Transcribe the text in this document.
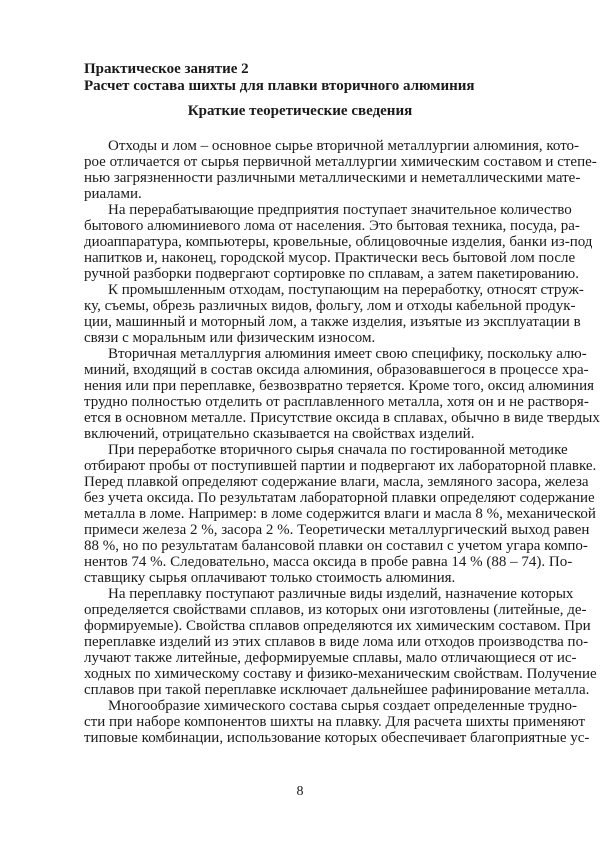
Практическое занятие 2
Расчет состава шихты для плавки вторичного алюминия
Краткие теоретические сведения
Отходы и лом – основное сырье вторичной металлургии алюминия, кото-
рое отличается от сырья первичной металлургии химическим составом и степе-
нью загрязненности различными металлическими и неметаллическими мате-
риалами.
На перерабатывающие предприятия поступает значительное количество
бытового алюминиевого лома от населения. Это бытовая техника, посуда, ра-
диоаппаратура, компьютеры, кровельные, облицовочные изделия, банки из-под
напитков и, наконец, городской мусор. Практически весь бытовой лом после
ручной разборки подвергают сортировке по сплавам, а затем пакетированию.
К промышленным отходам, поступающим на переработку, относят струж-
ку, съемы, обрезь различных видов, фольгу, лом и отходы кабельной продук-
ции, машинный и моторный лом, а также изделия, изъятые из эксплуатации в
связи с моральным или физическим износом.
Вторичная металлургия алюминия имеет свою специфику, поскольку алю-
миний, входящий в состав оксида алюминия, образовавшегося в процессе хра-
нения или при переплавке, безвозвратно теряется. Кроме того, оксид алюминия
трудно полностью отделить от расплавленного металла, хотя он и не растворя-
ется в основном металле. Присутствие оксида в сплавах, обычно в виде твердых
включений, отрицательно сказывается на свойствах изделий.
При переработке вторичного сырья сначала по гостированной методике
отбирают пробы от поступившей партии и подвергают их лабораторной плавке.
Перед плавкой определяют содержание влаги, масла, земляного засора, железа
без учета оксида. По результатам лабораторной плавки определяют содержание
металла в ломе. Например: в ломе содержится влаги и масла 8 %, механической
примеси железа 2 %, засора 2 %. Теоретически металлургический выход равен
88 %, но по результатам балансовой плавки он составил с учетом угара компо-
нентов 74 %. Следовательно, масса оксида в пробе равна 14 % (88 – 74). По-
ставщику сырья оплачивают только стоимость алюминия.
На переплавку поступают различные виды изделий, назначение которых
определяется свойствами сплавов, из которых они изготовлены (литейные, де-
формируемые). Свойства сплавов определяются их химическим составом. При
переплавке изделий из этих сплавов в виде лома или отходов производства по-
лучают также литейные, деформируемые сплавы, мало отличающиеся от ис-
ходных по химическому составу и физико-механическим свойствам. Получение
сплавов при такой переплавке исключает дальнейшее рафинирование металла.
Многообразие химического состава сырья создает определенные трудно-
сти при наборе компонентов шихты на плавку. Для расчета шихты применяют
типовые комбинации, использование которых обеспечивает благоприятные ус-
8
